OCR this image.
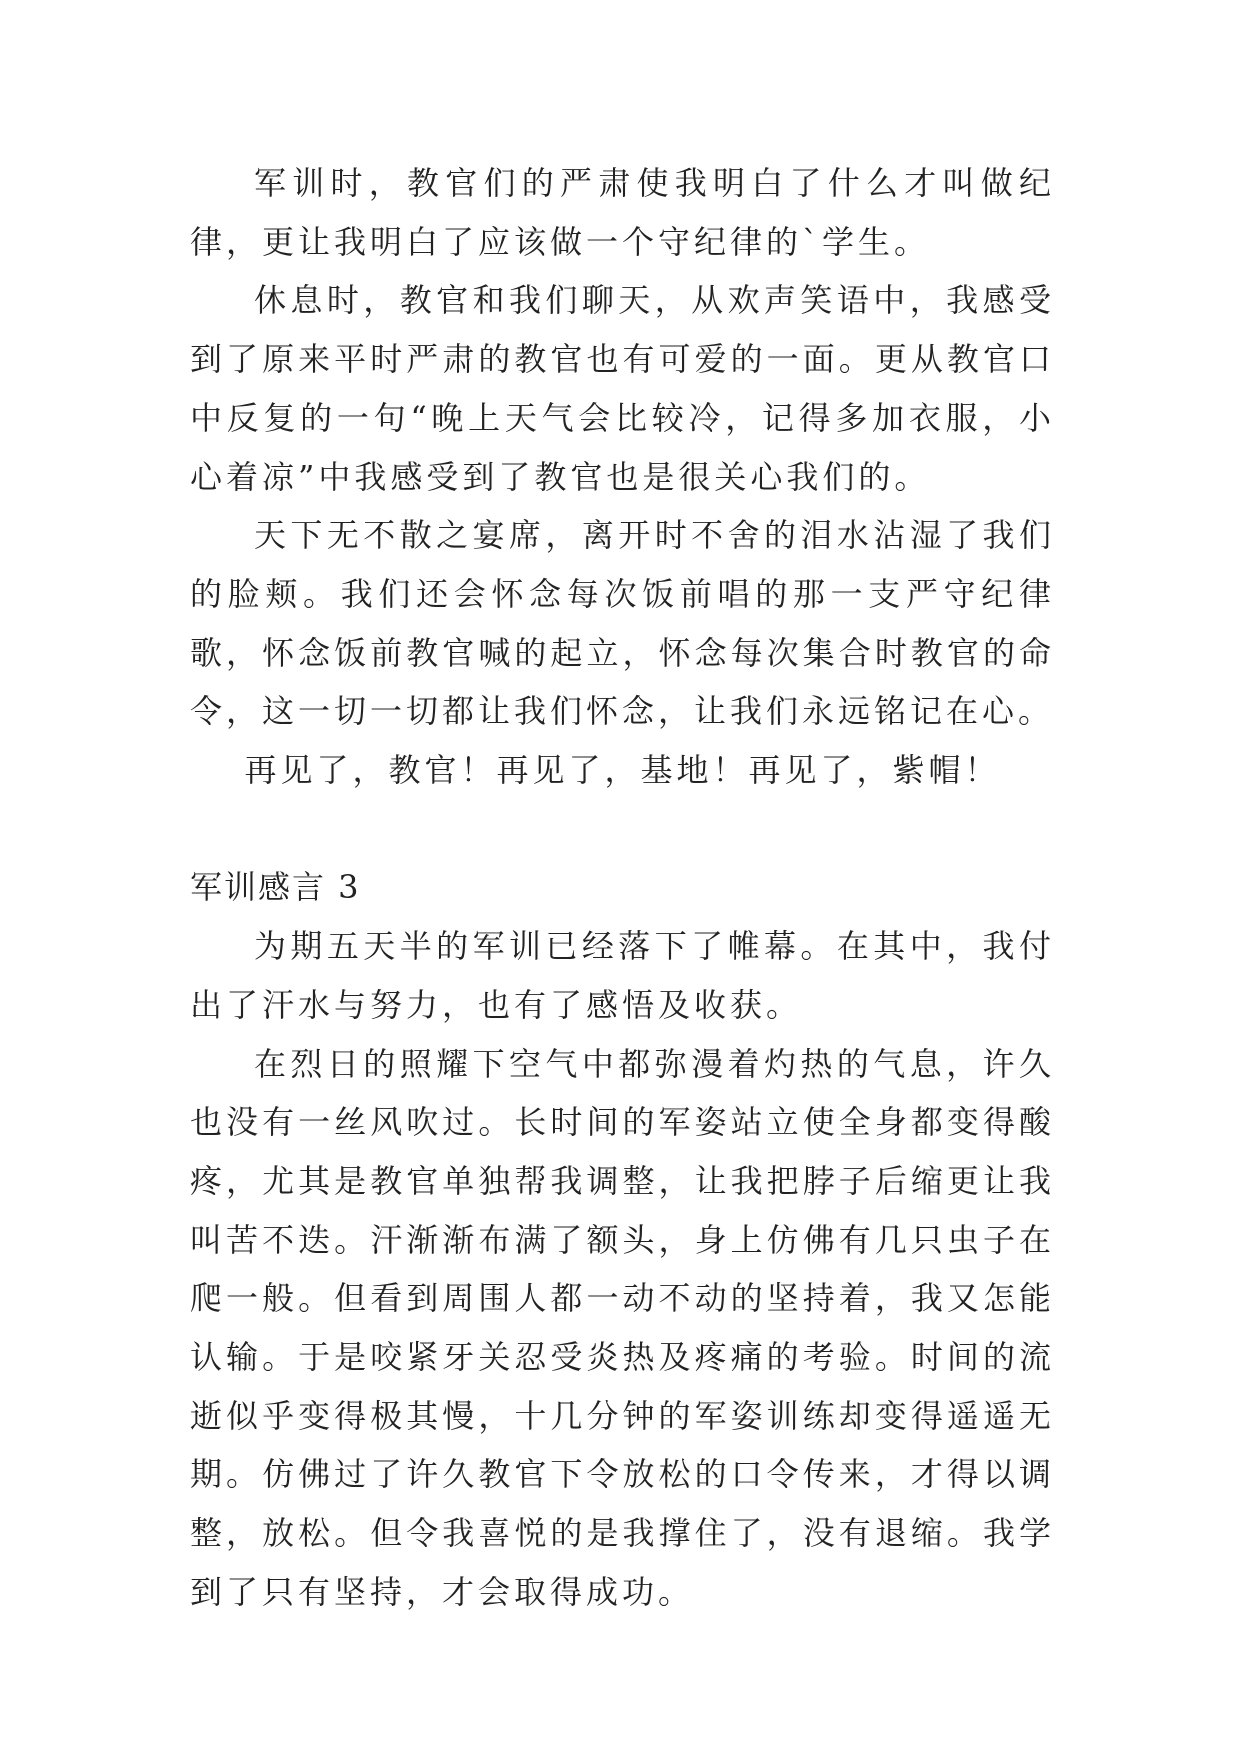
军训时，教官们的严肃使我明白了什么才叫做纪律，更让我明白了应该做一个守纪律的`学生。

休息时，教官和我们聊天，从欢声笑语中，我感受到了原来平时严肃的教官也有可爱的一面。更从教官口中反复的一句“晚上天气会比较冷，记得多加衣服，小心着凉”中我感受到了教官也是很关心我们的。

天下无不散之宴席，离开时不舍的泪水沾湿了我们的脸颊。我们还会怀念每次饭前唱的那一支严守纪律歌，怀念饭前教官喊的起立，怀念每次集合时教官的命令，这一切一切都让我们怀念，让我们永远铭记在心。

再见了，教官！再见了，基地！再见了，紫帽！

军训感言 3

为期五天半的军训已经落下了帷幕。在其中，我付出了汗水与努力，也有了感悟及收获。

在烈日的照耀下空气中都弥漫着灼热的气息，许久也没有一丝风吹过。长时间的军姿站立使全身都变得酸疼，尤其是教官单独帮我调整，让我把脖子后缩更让我叫苦不迭。汗渐渐布满了额头，身上仿佛有几只虫子在爬一般。但看到周围人都一动不动的坚持着，我又怎能认输。于是咬紧牙关忍受炎热及疼痛的考验。时间的流逝似乎变得极其慢，十几分钟的军姿训练却变得遥遥无期。仿佛过了许久教官下令放松的口令传来，才得以调整，放松。但令我喜悦的是我撑住了，没有退缩。我学到了只有坚持，才会取得成功。
